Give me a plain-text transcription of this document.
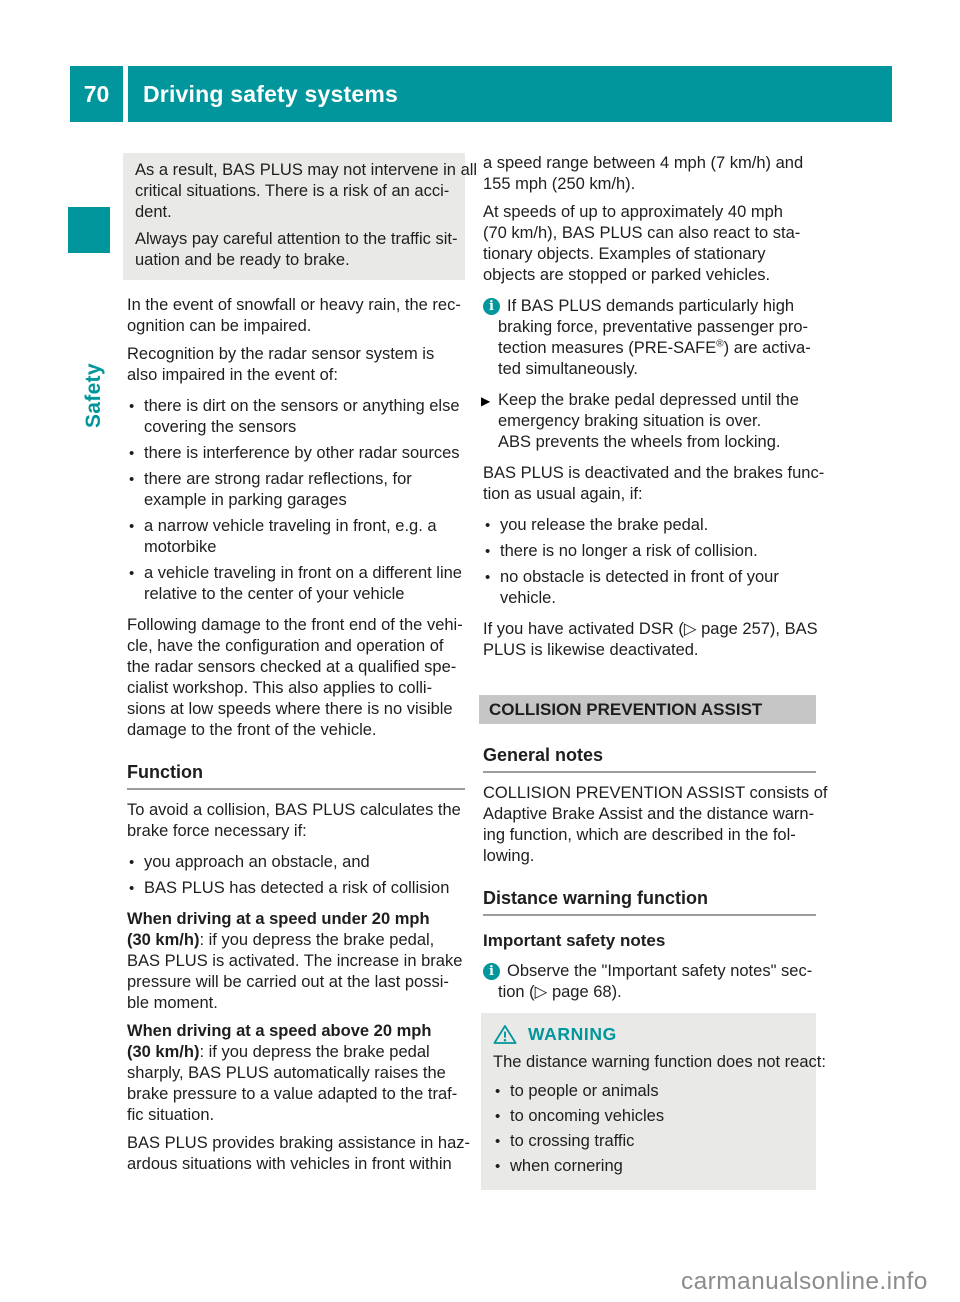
70 Driving safety systems
Safety
As a result, BAS PLUS may not intervene in all
critical situations. There is a risk of an acci-
dent.
Always pay careful attention to the traffic sit-
uation and be ready to brake.
In the event of snowfall or heavy rain, the rec-
ognition can be impaired.
Recognition by the radar sensor system is
also impaired in the event of:
• there is dirt on the sensors or anything else
covering the sensors
• there is interference by other radar sources
• there are strong radar reflections, for
example in parking garages
• a narrow vehicle traveling in front, e.g. a
motorbike
• a vehicle traveling in front on a different line
relative to the center of your vehicle
Following damage to the front end of the vehi-
cle, have the configuration and operation of
the radar sensors checked at a qualified spe-
cialist workshop. This also applies to colli-
sions at low speeds where there is no visible
damage to the front of the vehicle.
Function
To avoid a collision, BAS PLUS calculates the
brake force necessary if:
• you approach an obstacle, and
• BAS PLUS has detected a risk of collision
When driving at a speed under 20 mph
(30 km/h): if you depress the brake pedal,
BAS PLUS is activated. The increase in brake
pressure will be carried out at the last possi-
ble moment.
When driving at a speed above 20 mph
(30 km/h): if you depress the brake pedal
sharply, BAS PLUS automatically raises the
brake pressure to a value adapted to the traf-
fic situation.
BAS PLUS provides braking assistance in haz-
ardous situations with vehicles in front within
a speed range between 4 mph (7 km/h) and
155 mph (250 km/h).
At speeds of up to approximately 40 mph
(70 km/h), BAS PLUS can also react to sta-
tionary objects. Examples of stationary
objects are stopped or parked vehicles.
i If BAS PLUS demands particularly high
braking force, preventative passenger pro-
tection measures (PRE-SAFE®) are activa-
ted simultaneously.
▶ Keep the brake pedal depressed until the
emergency braking situation is over.
ABS prevents the wheels from locking.
BAS PLUS is deactivated and the brakes func-
tion as usual again, if:
• you release the brake pedal.
• there is no longer a risk of collision.
• no obstacle is detected in front of your
vehicle.
If you have activated DSR (▷ page 257), BAS
PLUS is likewise deactivated.
COLLISION PREVENTION ASSIST
General notes
COLLISION PREVENTION ASSIST consists of
Adaptive Brake Assist and the distance warn-
ing function, which are described in the fol-
lowing.
Distance warning function
Important safety notes
i Observe the "Important safety notes" sec-
tion (▷ page 68).
WARNING
The distance warning function does not react:
• to people or animals
• to oncoming vehicles
• to crossing traffic
• when cornering
carmanualsonline.info
